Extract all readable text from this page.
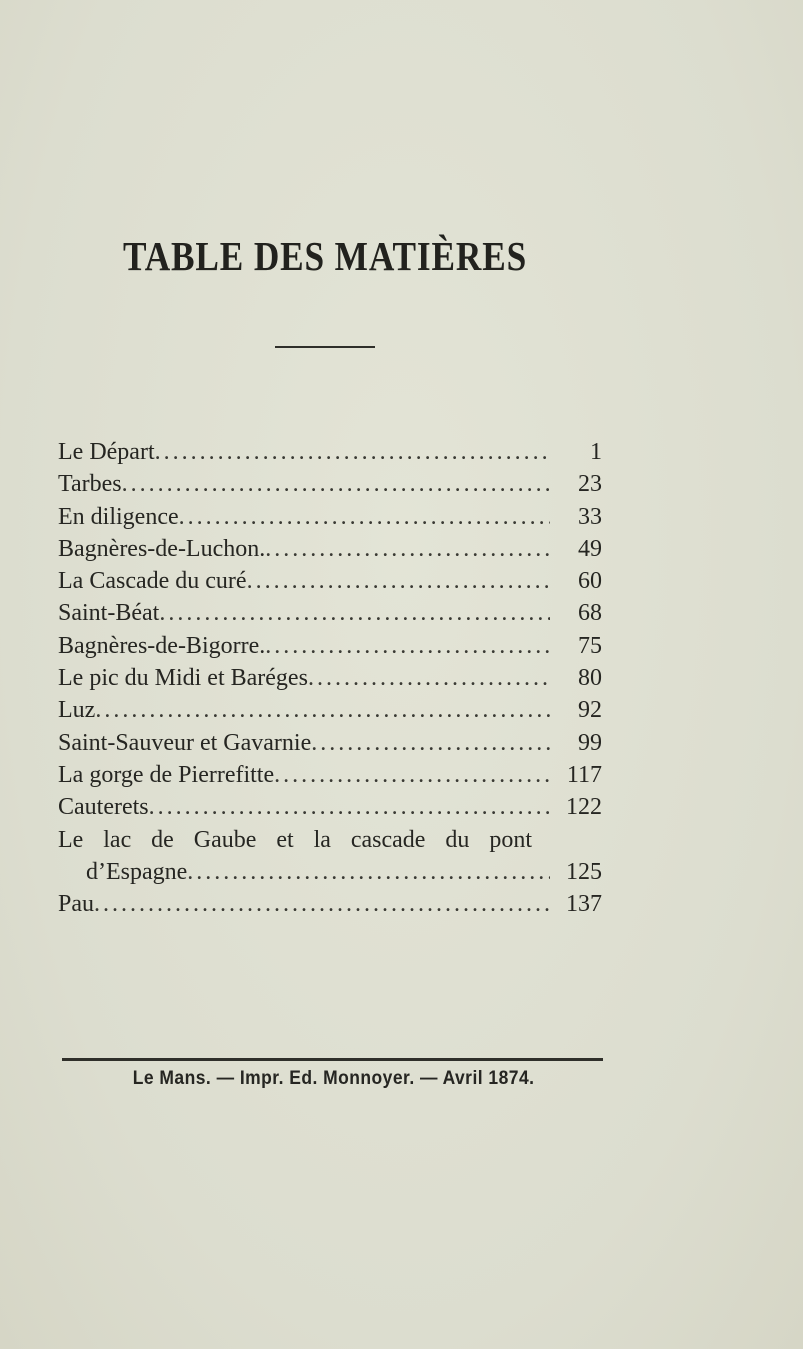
TABLE DES MATIÈRES
Le Départ .....	1
Tarbes .....	23
En diligence .....	33
Bagnères-de-Luchon. .....	49
La Cascade du curé .....	60
Saint-Béat .....	68
Bagnères-de-Bigorre. .....	75
Le pic du Midi et Baréges .....	80
Luz .....	92
Saint-Sauveur et Gavarnie .....	99
La gorge de Pierrefitte .....	117
Cauterets .....	122
Le lac de Gaube et la cascade du pont
d’Espagne .....	125
Pau .....	137
Le Mans. — Impr. Ed. Monnoyer. — Avril 1874.
